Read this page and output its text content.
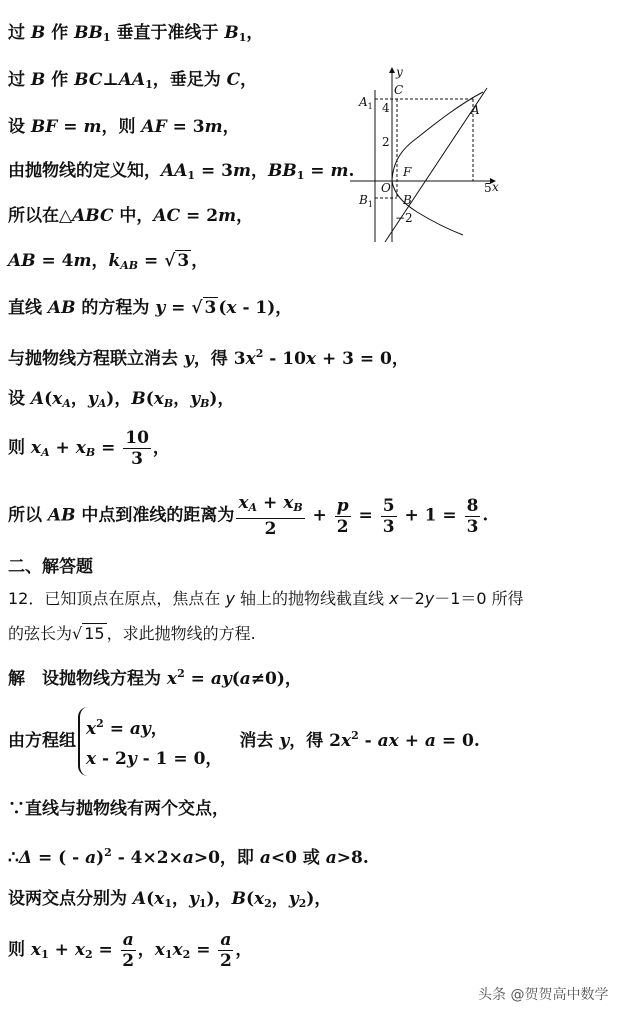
过 B 作 $BB_1$ 垂直于准线于 $B_1$，
过 B 作 $BC\perp AA_1$，垂足为 C，
设 BF = m，则 AF = 3m，
由抛物线的定义知，$AA_1 = 3m$，$BB_1 = m$.
所以在△ABC 中，AC = 2m，
AB = 4m，$k_{AB}$ = √ 3 ，
直线 AB 的方程为 y = √ 3 (x - 1)，
与抛物线方程联立消去 y，得 $3x^2 - 10x + 3 = 0$，
设 $A(x_A$，$y_A$)，$B(x_B$，$y_B$)，
则 $x_A + x_B = \frac{10}{3}$ ，
所以 AB 中点到准线的距离为 $\frac{x_A + x_B}{2} + \frac{p}{2} = \frac{5}{3} + 1 = \frac{8}{3}$ .
二、解答题
12．已知顶点在原点，焦点在 y 轴上的抛物线截直线 x－2y－1＝0 所得
的弦长为√ 15 ，求此抛物线的方程.
解　设抛物线方程为 $x^2 = ay(a\ne 0)$，
由方程组
$x^2$ = ay，
x - 2y - 1 = 0，
　消去 y，得 $2x^2$ - ax + a = 0.
∵直线与抛物线有两个交点，
∴Δ = ( - a)$^2$ - 4×2×a>0，即 a<0 或 a>8.
设两交点分别为 $A(x_1$，$y_1$)，$B(x_2$，$y_2$)，
则 $x_1 + x_2 = \frac{a}{2}$ ，$x_1x_2 = \frac{a}{2}$ ，
y
x
$A_1$
C
A
4
2
O
F
5
$B_1$	B
−2
头条 @贺贺高中数学
